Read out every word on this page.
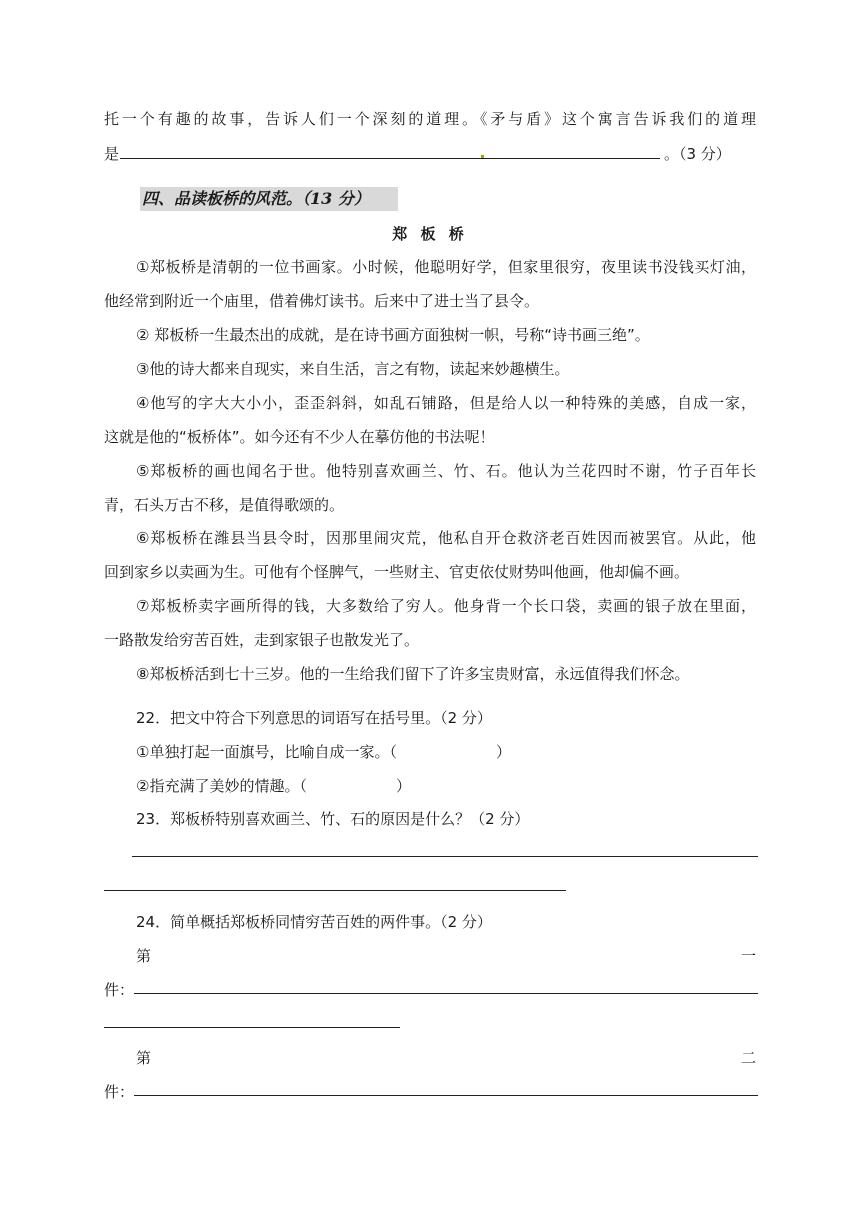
托一个有趣的故事，告诉人们一个深刻的道理。《矛与盾》这个寓言告诉我们的道理
是	。（3 分）
四、品读板桥的风范。（13 分）
郑 板 桥
①郑板桥是清朝的一位书画家。小时候，他聪明好学，但家里很穷，夜里读书没钱买灯油，
他经常到附近一个庙里，借着佛灯读书。后来中了进士当了县令。
② 郑板桥一生最杰出的成就，是在诗书画方面独树一帜，号称“诗书画三绝”。
③他的诗大都来自现实，来自生活，言之有物，读起来妙趣横生。
④他写的字大大小小，歪歪斜斜，如乱石铺路，但是给人以一种特殊的美感，自成一家，
这就是他的“板桥体”。如今还有不少人在摹仿他的书法呢！
⑤郑板桥的画也闻名于世。他特别喜欢画兰、竹、石。他认为兰花四时不谢，竹子百年长
青，石头万古不移，是值得歌颂的。
⑥郑板桥在潍县当县令时，因那里闹灾荒，他私自开仓救济老百姓因而被罢官。从此，他
回到家乡以卖画为生。可他有个怪脾气，一些财主、官吏依仗财势叫他画，他却偏不画。
⑦郑板桥卖字画所得的钱，大多数给了穷人。他身背一个长口袋，卖画的银子放在里面，
一路散发给穷苦百姓，走到家银子也散发光了。
⑧郑板桥活到七十三岁。他的一生给我们留下了许多宝贵财富，永远值得我们怀念。
22．把文中符合下列意思的词语写在括号里。（2 分）
①单独打起一面旗号，比喻自成一家。（	）
②指充满了美妙的情趣。（	）
23．郑板桥特别喜欢画兰、竹、石的原因是什么？（2 分）
24．简单概括郑板桥同情穷苦百姓的两件事。（2 分）
第	一
件：
第	二
件：
